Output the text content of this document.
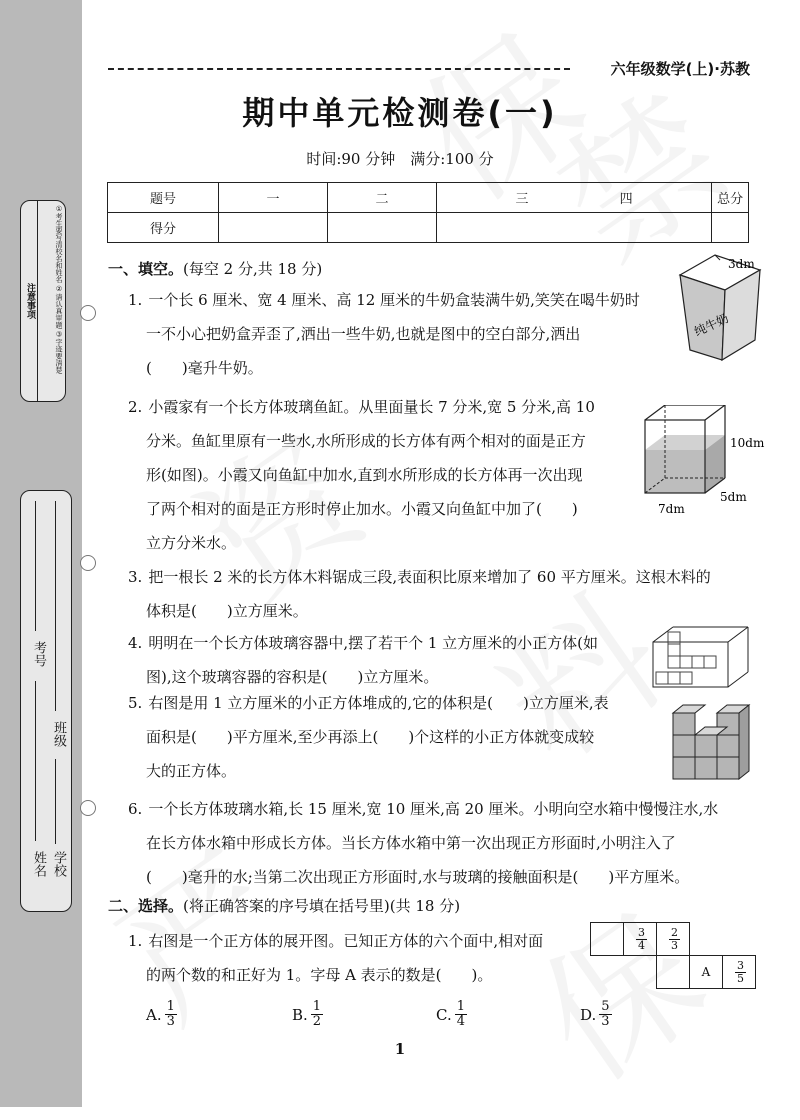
注意事项	①考生要写清校名和姓名 ②请认真审题 ③字迹要清楚
班级
学校
考号
姓名
六年级数学(上)·苏教
期中单元检测卷(一)
时间:90 分钟　满分:100 分
题号	一	二	三 四	总分
得分				
一、填空。(每空 2 分,共 18 分)
1. 一个长 6 厘米、宽 4 厘米、高 12 厘米的牛奶盒装满牛奶,笑笑在喝牛奶时
一不小心把奶盒弄歪了,洒出一些牛奶,也就是图中的空白部分,洒出
(　　)毫升牛奶。
3dm
纯牛奶
2. 小霞家有一个长方体玻璃鱼缸。从里面量长 7 分米,宽 5 分米,高 10
分米。鱼缸里原有一些水,水所形成的长方体有两个相对的面是正方
形(如图)。小霞又向鱼缸中加水,直到水所形成的长方体再一次出现
了两个相对的面是正方形时停止加水。小霞又向鱼缸中加了(　　)
立方分米水。
10dm
5dm
7dm
3. 把一根长 2 米的长方体木料锯成三段,表面积比原来增加了 60 平方厘米。这根木料的
体积是(　　)立方厘米。
4. 明明在一个长方体玻璃容器中,摆了若干个 1 立方厘米的小正方体(如
图),这个玻璃容器的容积是(　　)立方厘米。
5. 右图是用 1 立方厘米的小正方体堆成的,它的体积是(　　)立方厘米,表
面积是(　　)平方厘米,至少再添上(　　)个这样的小正方体就变成较
大的正方体。
6. 一个长方体玻璃水箱,长 15 厘米,宽 10 厘米,高 20 厘米。小明向空水箱中慢慢注水,水
在长方体水箱中形成长方体。当长方体水箱中第一次出现正方形面时,小明注入了
(　　)毫升的水;当第二次出现正方形面时,水与玻璃的接触面积是(　　)平方厘米。
二、选择。(将正确答案的序号填在括号里)(共 18 分)
1. 右图是一个正方体的展开图。已知正方体的六个面中,相对面
的两个数的和正好为 1。字母 A 表示的数是(　　)。
$\frac{3}{4} \frac{2}{3}$
A $\frac{3}{5}$
A. $\frac{1}{3}$	B. $\frac{1}{2}$	C. $\frac{1}{4}$	D. $\frac{5}{3}$
1
